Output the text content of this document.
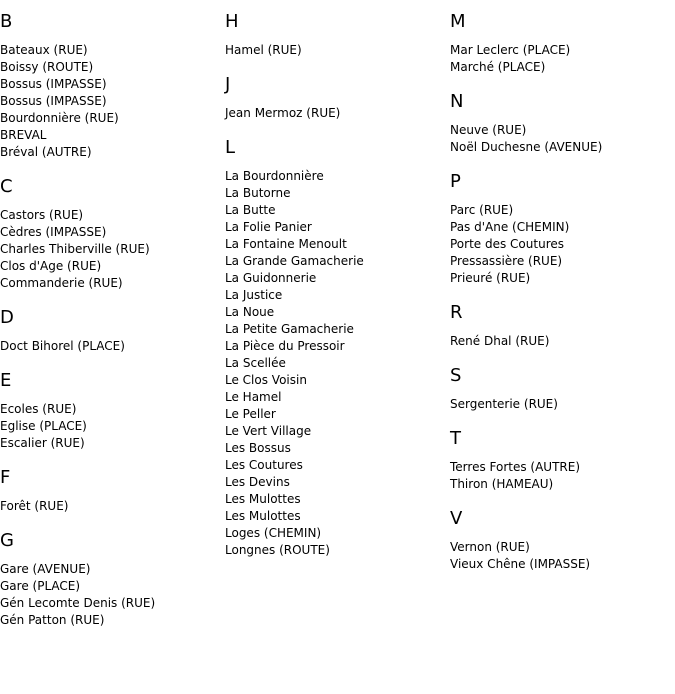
B
Bateaux (RUE)
Boissy (ROUTE)
Bossus (IMPASSE)
Bossus (IMPASSE)
Bourdonnière (RUE)
BREVAL
Bréval (AUTRE)
C
Castors (RUE)
Cèdres (IMPASSE)
Charles Thiberville (RUE)
Clos d'Age (RUE)
Commanderie (RUE)
D
Doct Bihorel (PLACE)
E
Ecoles (RUE)
Eglise (PLACE)
Escalier (RUE)
F
Forêt (RUE)
G
Gare (AVENUE)
Gare (PLACE)
Gén Lecomte Denis (RUE)
Gén Patton (RUE)
H
Hamel (RUE)
J
Jean Mermoz (RUE)
L
La Bourdonnière
La Butorne
La Butte
La Folie Panier
La Fontaine Menoult
La Grande Gamacherie
La Guidonnerie
La Justice
La Noue
La Petite Gamacherie
La Pièce du Pressoir
La Scellée
Le Clos Voisin
Le Hamel
Le Peller
Le Vert Village
Les Bossus
Les Coutures
Les Devins
Les Mulottes
Les Mulottes
Loges (CHEMIN)
Longnes (ROUTE)
M
Mar Leclerc (PLACE)
Marché (PLACE)
N
Neuve (RUE)
Noël Duchesne (AVENUE)
P
Parc (RUE)
Pas d'Ane (CHEMIN)
Porte des Coutures
Pressassière (RUE)
Prieuré (RUE)
R
René Dhal (RUE)
S
Sergenterie (RUE)
T
Terres Fortes (AUTRE)
Thiron (HAMEAU)
V
Vernon (RUE)
Vieux Chêne (IMPASSE)
